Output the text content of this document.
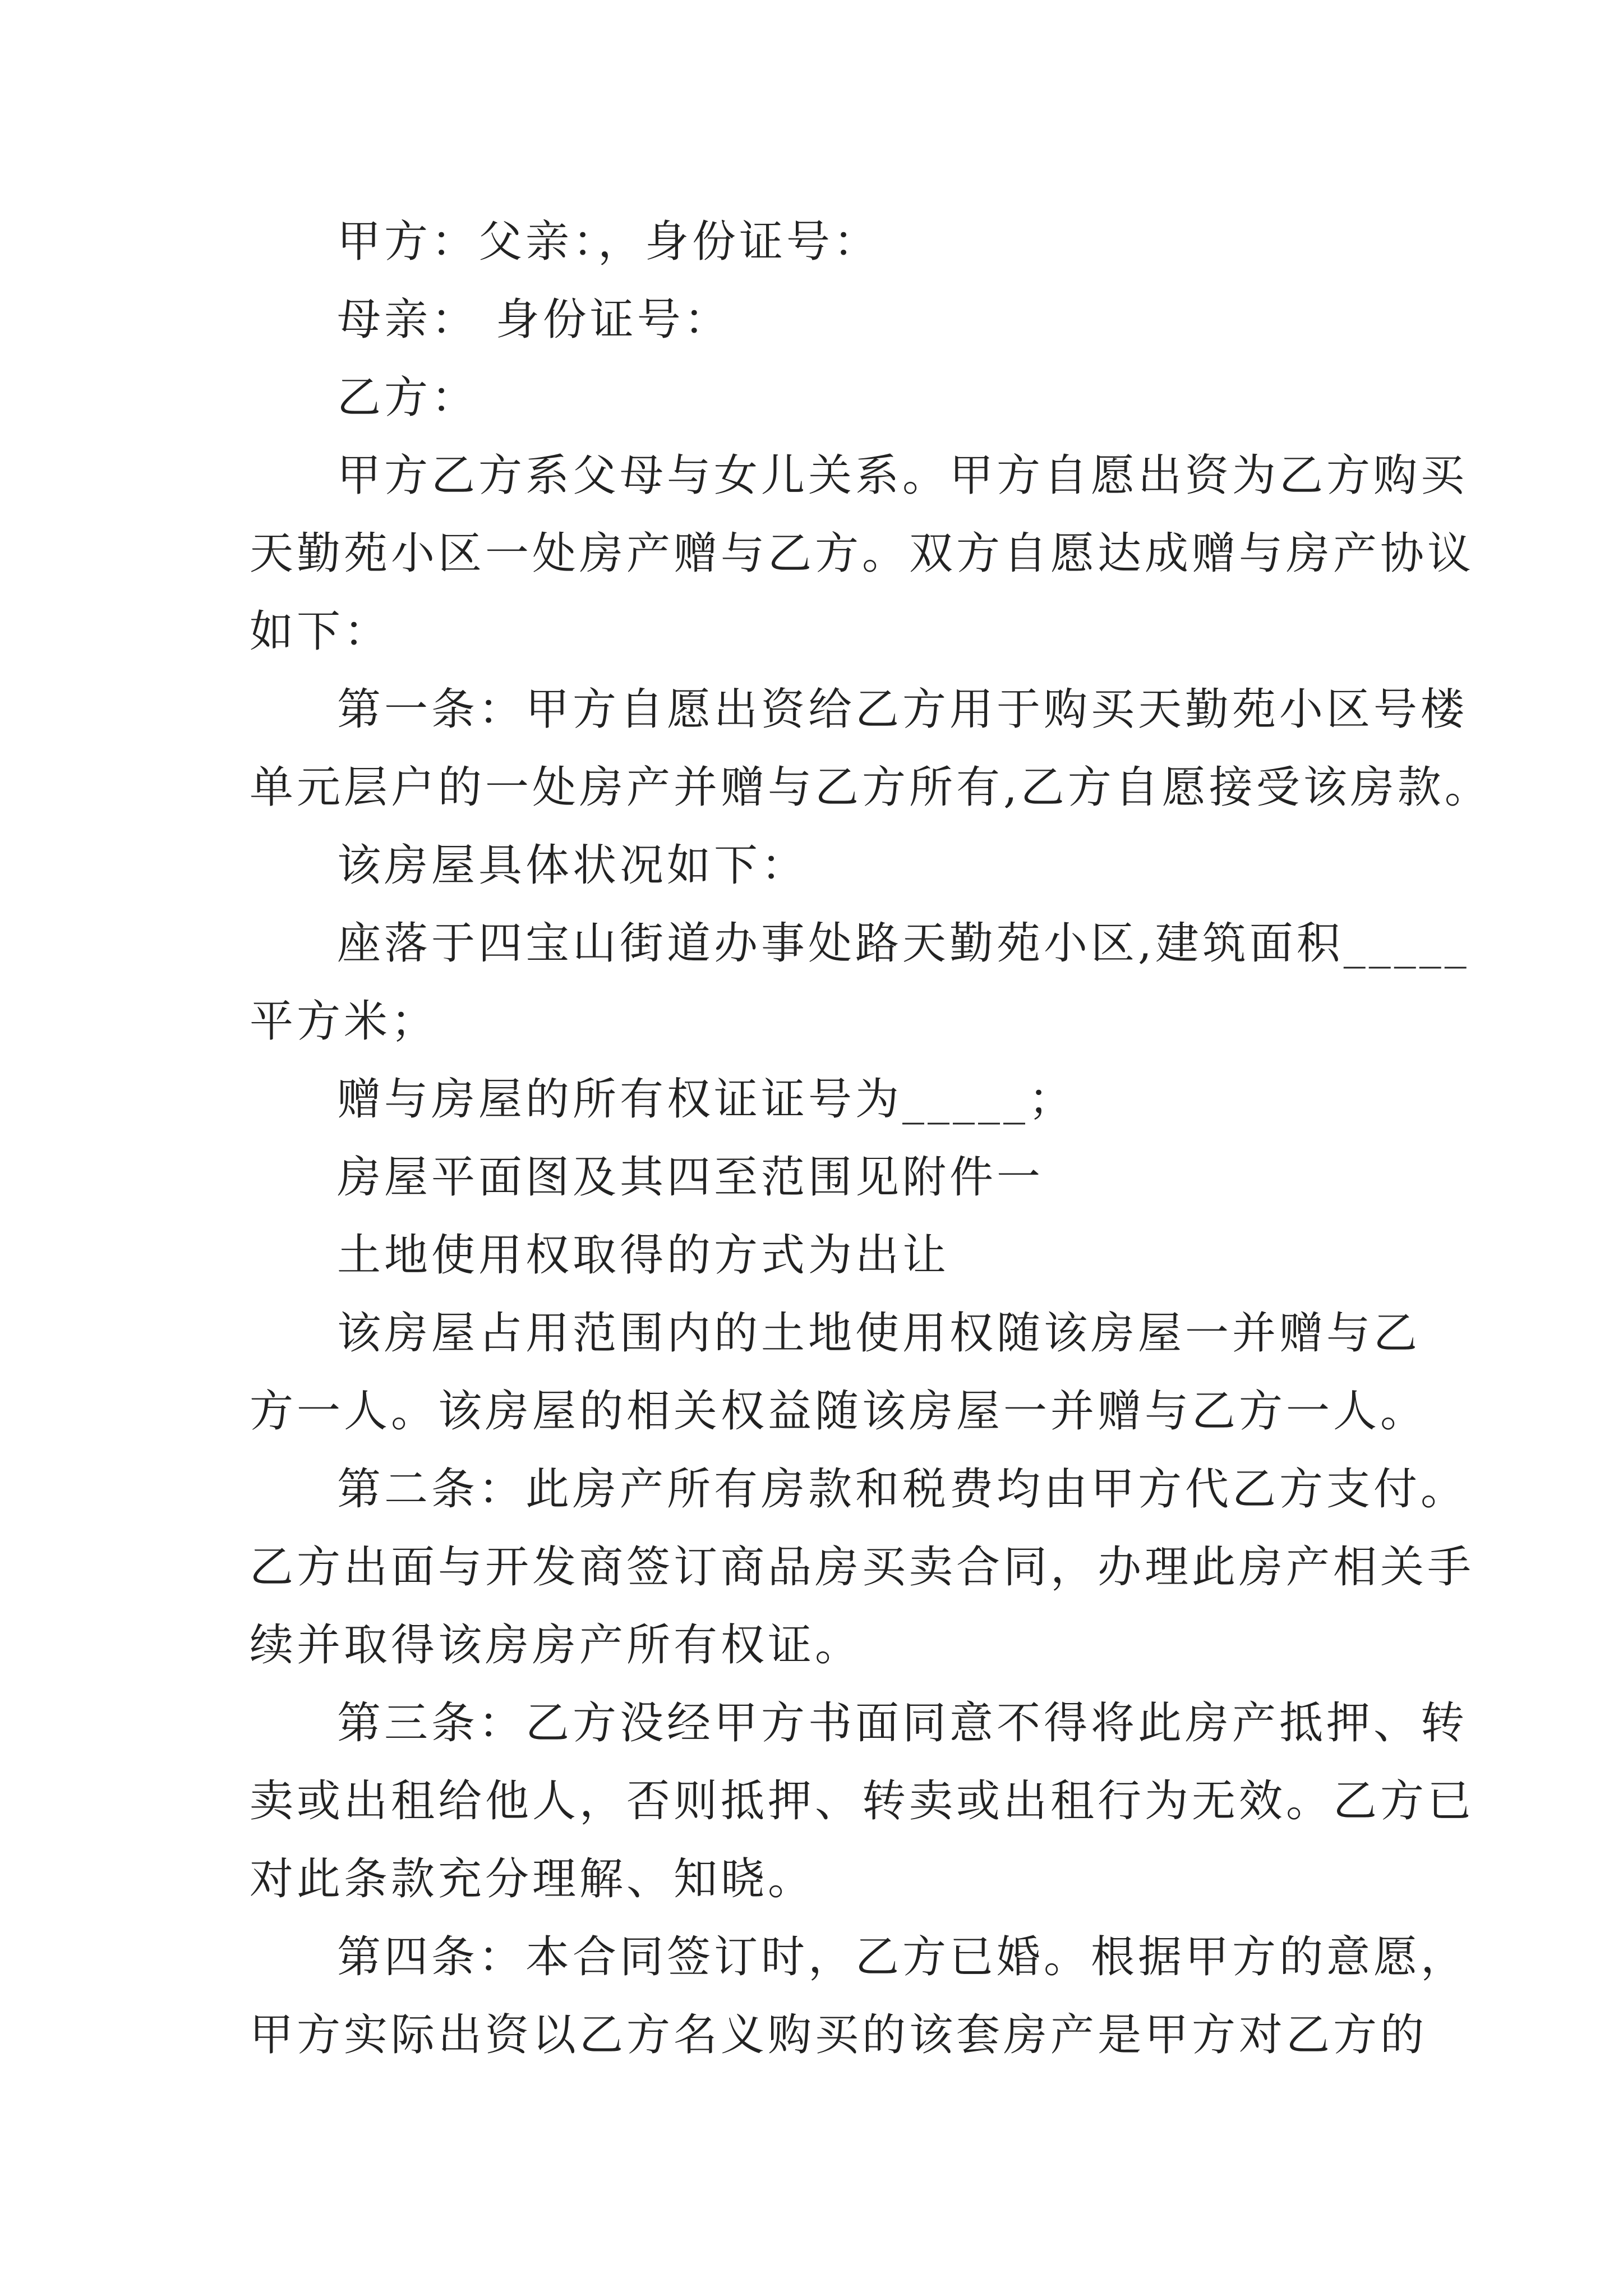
甲方：父亲：，身份证号：
母亲： 身份证号：
乙方：
甲方乙方系父母与女儿关系。甲方自愿出资为乙方购买
天勤苑小区一处房产赠与乙方。双方自愿达成赠与房产协议
如下：
第一条：甲方自愿出资给乙方用于购买天勤苑小区号楼
单元层户的一处房产并赠与乙方所有,乙方自愿接受该房款。
该房屋具体状况如下：
座落于四宝山街道办事处路天勤苑小区,建筑面积_____
平方米；
赠与房屋的所有权证证号为_____；
房屋平面图及其四至范围见附件一
土地使用权取得的方式为出让
该房屋占用范围内的土地使用权随该房屋一并赠与乙
方一人。该房屋的相关权益随该房屋一并赠与乙方一人。
第二条：此房产所有房款和税费均由甲方代乙方支付。
乙方出面与开发商签订商品房买卖合同，办理此房产相关手
续并取得该房房产所有权证。
第三条：乙方没经甲方书面同意不得将此房产抵押、转
卖或出租给他人，否则抵押、转卖或出租行为无效。乙方已
对此条款充分理解、知晓。
第四条：本合同签订时，乙方已婚。根据甲方的意愿，
甲方实际出资以乙方名义购买的该套房产是甲方对乙方的
